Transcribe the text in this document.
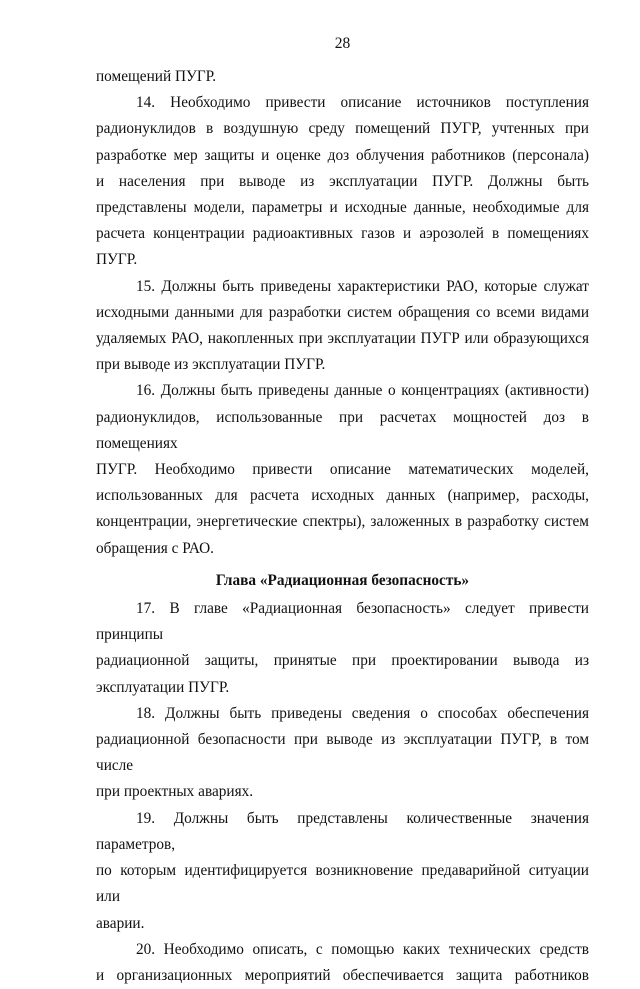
28
помещений ПУГР.
14. Необходимо привести описание источников поступления
радионуклидов в воздушную среду помещений ПУГР, учтенных при
разработке мер защиты и оценке доз облучения работников (персонала)
и населения при выводе из эксплуатации ПУГР. Должны быть
представлены модели, параметры и исходные данные, необходимые для
расчета концентрации радиоактивных газов и аэрозолей в помещениях
ПУГР.
15. Должны быть приведены характеристики РАО, которые служат
исходными данными для разработки систем обращения со всеми видами
удаляемых РАО, накопленных при эксплуатации ПУГР или образующихся
при выводе из эксплуатации ПУГР.
16. Должны быть приведены данные о концентрациях (активности)
радионуклидов, использованные при расчетах мощностей доз в помещениях
ПУГР. Необходимо привести описание математических моделей,
использованных для расчета исходных данных (например, расходы,
концентрации, энергетические спектры), заложенных в разработку систем
обращения с РАО.
Глава «Радиационная безопасность»
17. В главе «Радиационная безопасность» следует привести принципы
радиационной защиты, принятые при проектировании вывода из
эксплуатации ПУГР.
18. Должны быть приведены сведения о способах обеспечения
радиационной безопасности при выводе из эксплуатации ПУГР, в том числе
при проектных авариях.
19. Должны быть представлены количественные значения параметров,
по которым идентифицируется возникновение предаварийной ситуации или
аварии.
20. Необходимо описать, с помощью каких технических средств
и организационных мероприятий обеспечивается защита работников
